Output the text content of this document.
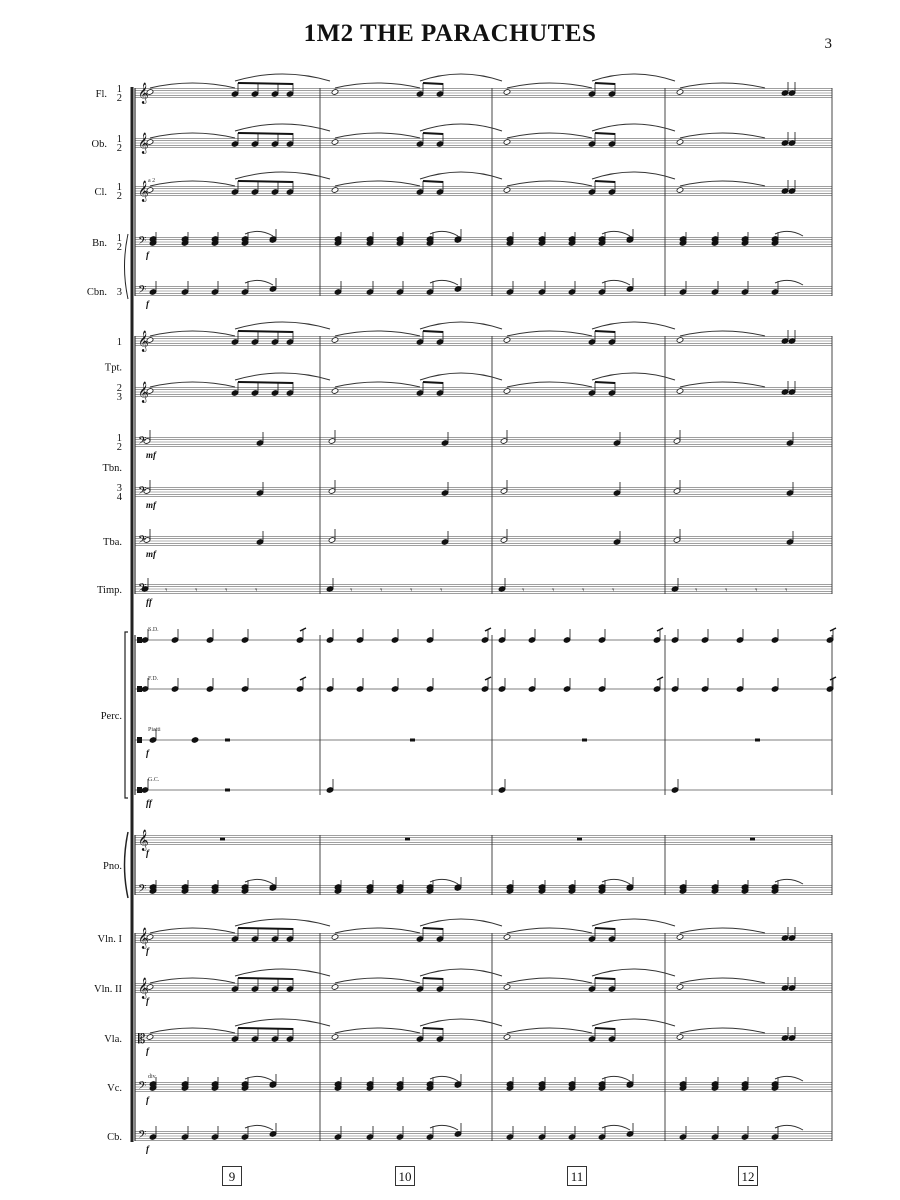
1M2 THE PARACHUTES	3
𝄾	𝄾	𝄾	𝄾	𝄾	𝄾	𝄾	𝄾	𝄾	𝄾	𝄾	𝄾	𝄾	𝄾	𝄾	𝄾
𝄞
𝄞
𝄞
𝄢
𝄢
𝄞
𝄞
𝄢
𝄢
𝄢
𝄢
𝄞
𝄢
𝄞
𝄞
𝄡
𝄢
𝄢
Fl. 1
2
Ob. 1
2
Cl. 1
2
a 2
Bn. 1
2
f
Cbn. 3
f
1
2
3
1
2
mf
3
4
mf
Tba.
mf
Timp.
ff
S.D.
F.D.
f
Piatti
ff
G.C.
f
Vln. I
f
Vln. II
f
Vla.
f
Vc.
f
div.
Cb.
f
Tpt.
Tbn.
Perc.
Pno.
9	10	11	12
